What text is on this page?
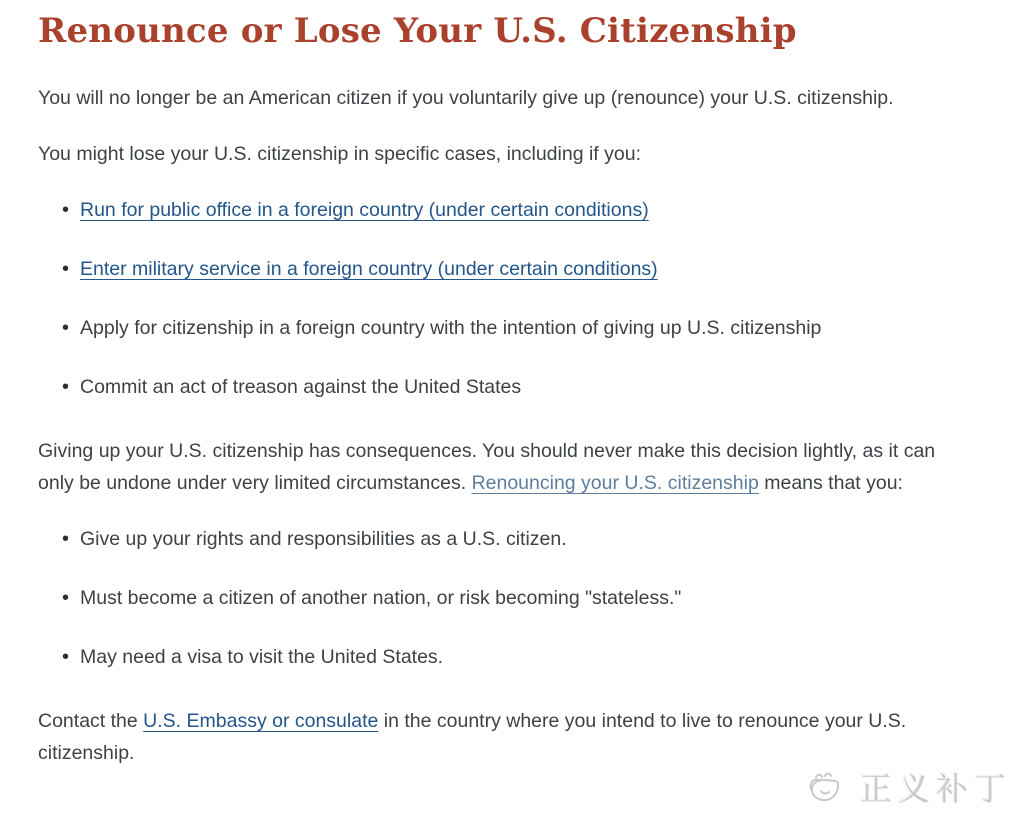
Renounce or Lose Your U.S. Citizenship

You will no longer be an American citizen if you voluntarily give up (renounce) your U.S. citizenship.

You might lose your U.S. citizenship in specific cases, including if you:

• Run for public office in a foreign country (under certain conditions)
• Enter military service in a foreign country (under certain conditions)
• Apply for citizenship in a foreign country with the intention of giving up U.S. citizenship
• Commit an act of treason against the United States

Giving up your U.S. citizenship has consequences. You should never make this decision lightly, as it can only be undone under very limited circumstances. Renouncing your U.S. citizenship means that you:

• Give up your rights and responsibilities as a U.S. citizen.
• Must become a citizen of another nation, or risk becoming "stateless."
• May need a visa to visit the United States.

Contact the U.S. Embassy or consulate in the country where you intend to live to renounce your U.S. citizenship.

正义补丁
